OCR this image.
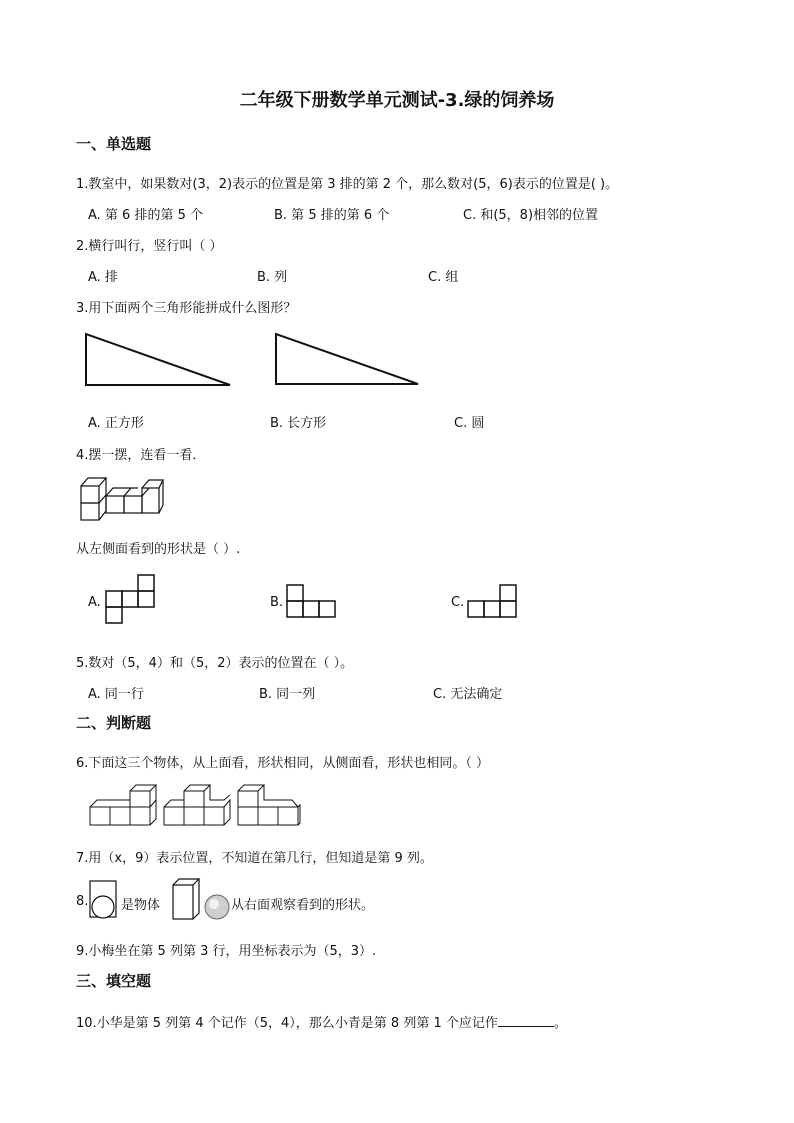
二年级下册数学单元测试-3.绿的饲养场
一、单选题
1.教室中，如果数对(3，2)表示的位置是第 3 排的第 2 个，那么数对(5，6)表示的位置是( )。
A. 第 6 排的第 5 个	B. 第 5 排的第 6 个	C. 和(5，8)相邻的位置
2.横行叫行，竖行叫（ ）
A. 排	B. 列	C. 组
3.用下面两个三角形能拼成什么图形？
A. 正方形	B. 长方形	C. 圆
4.摆一摆，连看一看．
从左侧面看到的形状是（ ）.
A.	B.	C.
5.数对（5，4）和（5，2）表示的位置在（ ）。
A. 同一行	B. 同一列	C. 无法确定
二、判断题
6.下面这三个物体，从上面看，形状相同，从侧面看，形状也相同。（ ）
7.用（x，9）表示位置，不知道在第几行，但知道是第 9 列。
8.	是物体	从右面观察看到的形状。
9.小梅坐在第 5 列第 3 行，用坐标表示为（5，3）.
三、填空题
10.小华是第 5 列第 4 个记作（5，4），那么小青是第 8 列第 1 个应记作	。
